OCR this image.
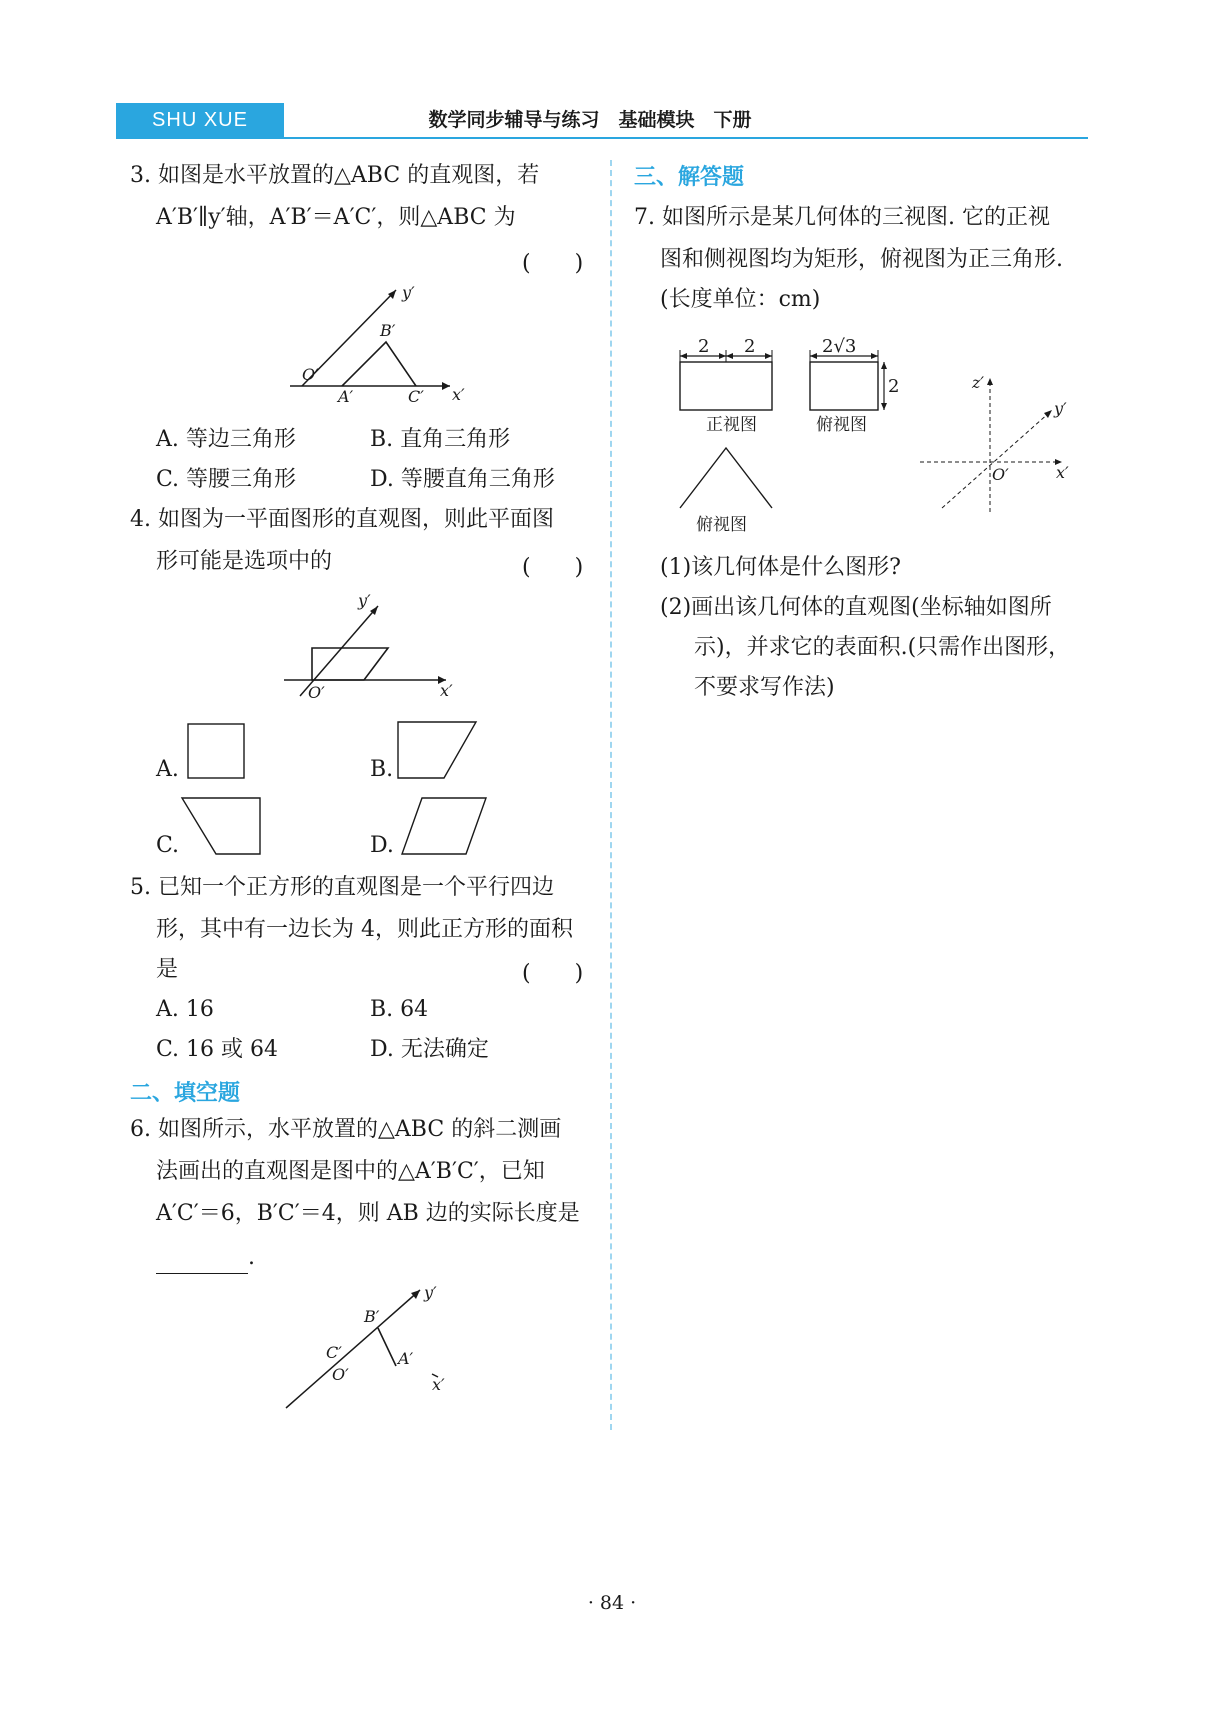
SHU XUE	数学同步辅导与练习　基础模块　下册
3. 如图是水平放置的△ABC 的直观图，若
A′B′∥y′轴，A′B′＝A′C′，则△ABC 为
(　　)
y′
B′
O′
A′	C′ x′
A. 等边三角形	B. 直角三角形
C. 等腰三角形	D. 等腰直角三角形
4. 如图为一平面图形的直观图，则此平面图
形可能是选项中的	(　　)
y′
O′	x′
A.	B.
C.	D.
5. 已知一个正方形的直观图是一个平行四边
形，其中有一边长为 4，则此正方形的面积
是	(　　)
A. 16	B. 64
C. 16 或 64	D. 无法确定
二、填空题
6. 如图所示，水平放置的△ABC 的斜二测画
法画出的直观图是图中的△A′B′C′，已知
A′C′＝6，B′C′＝4，则 AB 边的实际长度是
.
y′
B′
C′
O′
A′
x′
三、解答题
7. 如图所示是某几何体的三视图. 它的正视
图和侧视图均为矩形，俯视图为正三角形.
(长度单位：cm)
2 2
正视图
2√3
2
俯视图
俯视图
z′
y′
O′	x′
(1)该几何体是什么图形?
(2)画出该几何体的直观图(坐标轴如图所
示)，并求它的表面积.(只需作出图形，
不要求写作法)
· 84 ·
